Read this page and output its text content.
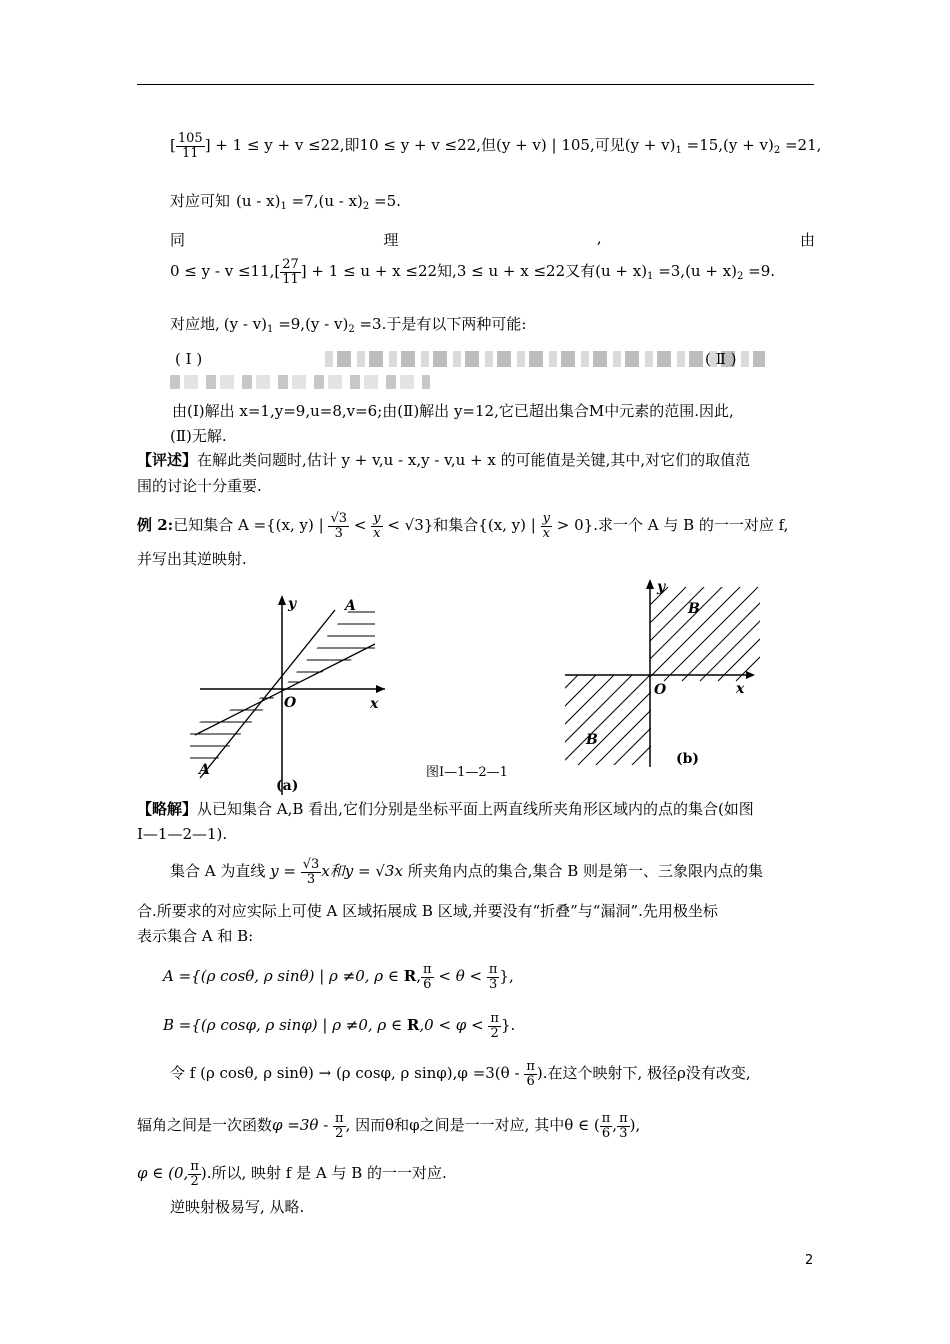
[ $\frac{105}{11}$ ] + 1 ≤ y + v ≤22,即10 ≤ y + v ≤22,但(y + v) | 105,可见$(y + v)_1 =15,(y + v)_2 =21$,
对应可知 $(u - x)_1 =7,(u - x)_2 =5$.
同	理	,	由
$0 \le y - v \le 11,[ \frac{27}{11}$ ] + 1 ≤ u + x ≤22知,3 ≤ u + x ≤22又有$(u + x)_1 =3,(u + x)_2 =9$.
对应地, $(y - v)_1 =9,(y - v)_2 =3$.于是有以下两种可能:
( Ⅰ )	( Ⅱ )
由(Ⅰ)解出 x=1,y=9,u=8,v=6;由(Ⅱ)解出 y=12,它已超出集合M中元素的范围.因此,
(Ⅱ)无解.
【评述】在解此类问题时,估计 y + v,u - x,y - v,u + x 的可能值是关键,其中,对它们的取值范
围的讨论十分重要.
例 2:已知集合 A ={(x, y) | $\frac{√3}{3} < \frac{y}{x} < √3$}和集合{(x, y) | $\frac{y}{x} > 0$}.求一个 A 与 B 的一一对应 f,
并写出其逆映射.
y
x
O
A
A
(a)
y
x
O
B
B
(b)
图Ⅰ—1—2—1
【略解】从已知集合 A,B 看出,它们分别是坐标平面上两直线所夹角形区域内的点的集合(如图
Ⅰ—1—2—1).
集合 A 为直线 $y = \frac{√3}{3}$ x和y = √3x 所夹角内点的集合,集合 B 则是第一、三象限内点的集
合.所要求的对应实际上可使 A 区域拓展成 B 区域,并要没有“折叠”与“漏洞”.先用极坐标
表示集合 A 和 B:
A ={(ρ cosθ, ρ sinθ) | ρ ≠0, ρ ∈ R, $\frac{\pi}{6} < \theta < \frac{\pi}{3}$ },
B ={(ρ cosφ, ρ sinφ) | ρ ≠0, ρ ∈ $R,0 < \varphi < \frac{\pi}{2}$ }.
令 f (ρ cosθ, ρ sinθ) → (ρ cosφ, ρ $\sin\varphi),\varphi =3(\theta - \frac{\pi}{6}$ ).在这个映射下, 极径ρ没有改变,
辐角之间是一次函数$\varphi =3\theta - \frac{\pi}{2}$ , 因而θ和φ之间是一一对应, 其中θ ∈ ( $\frac{\pi}{6}$ , $\frac{\pi}{3}$ ),
φ ∈ (0, $\frac{\pi}{2}$ ).所以, 映射 f 是 A 与 B 的一一对应.
逆映射极易写, 从略.
2
